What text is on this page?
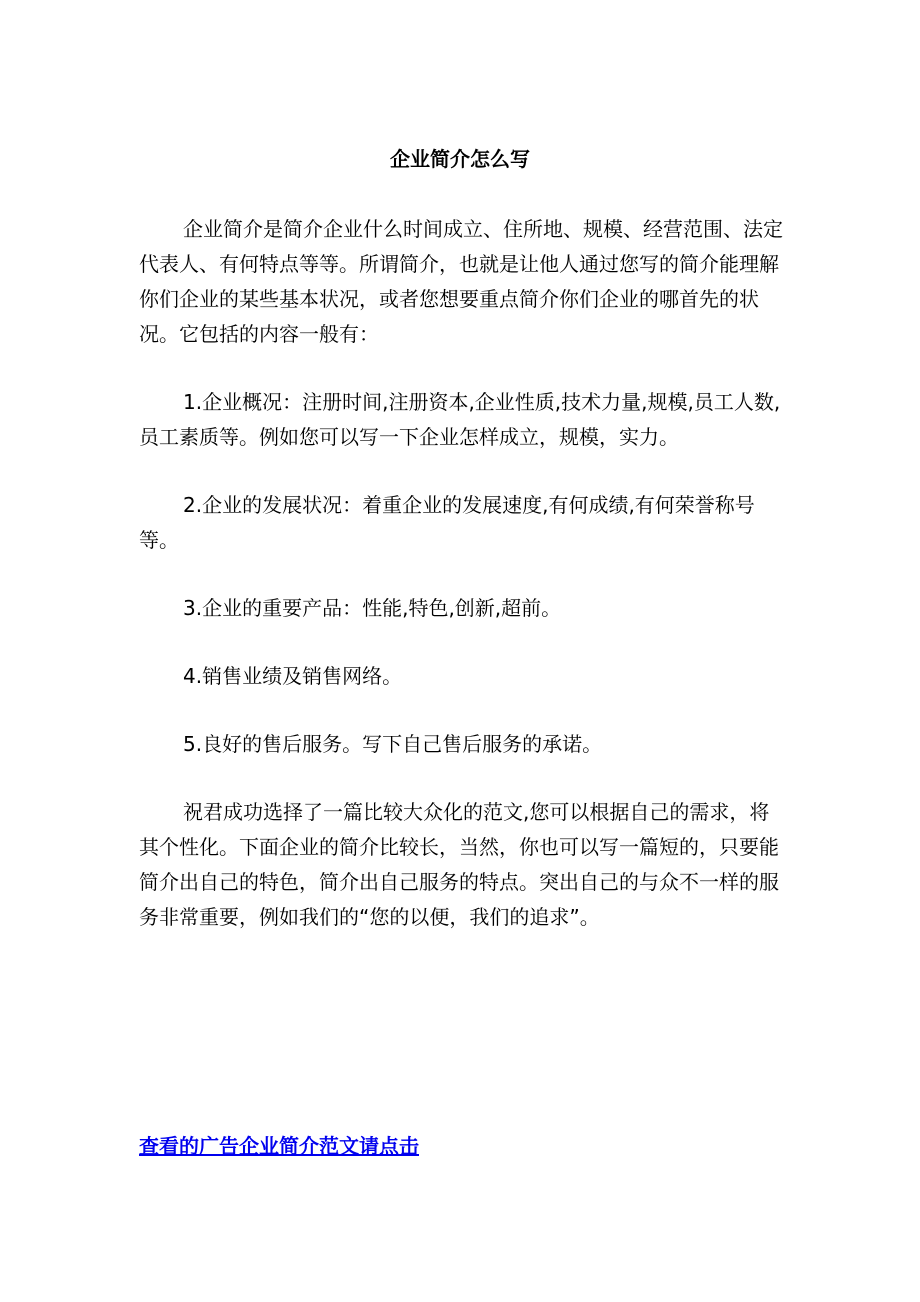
企业简介怎么写

企业简介是简介企业什么时间成立、住所地、规模、经营范围、法定代表人、有何特点等等。所谓简介，也就是让他人通过您写的简介能理解你们企业的某些基本状况，或者您想要重点简介你们企业的哪首先的状况。它包括的内容一般有：

1.企业概况：注册时间,注册资本,企业性质,技术力量,规模,员工人数,员工素质等。例如您可以写一下企业怎样成立，规模，实力。

2.企业的发展状况：着重企业的发展速度,有何成绩,有何荣誉称号等。

3.企业的重要产品：性能,特色,创新,超前。

4.销售业绩及销售网络。

5.良好的售后服务。写下自己售后服务的承诺。

祝君成功选择了一篇比较大众化的范文,您可以根据自己的需求，将其个性化。下面企业的简介比较长，当然，你也可以写一篇短的，只要能简介出自己的特色，简介出自己服务的特点。突出自己的与众不一样的服务非常重要，例如我们的“您的以便，我们的追求”。

查看的广告企业简介范文请点击
